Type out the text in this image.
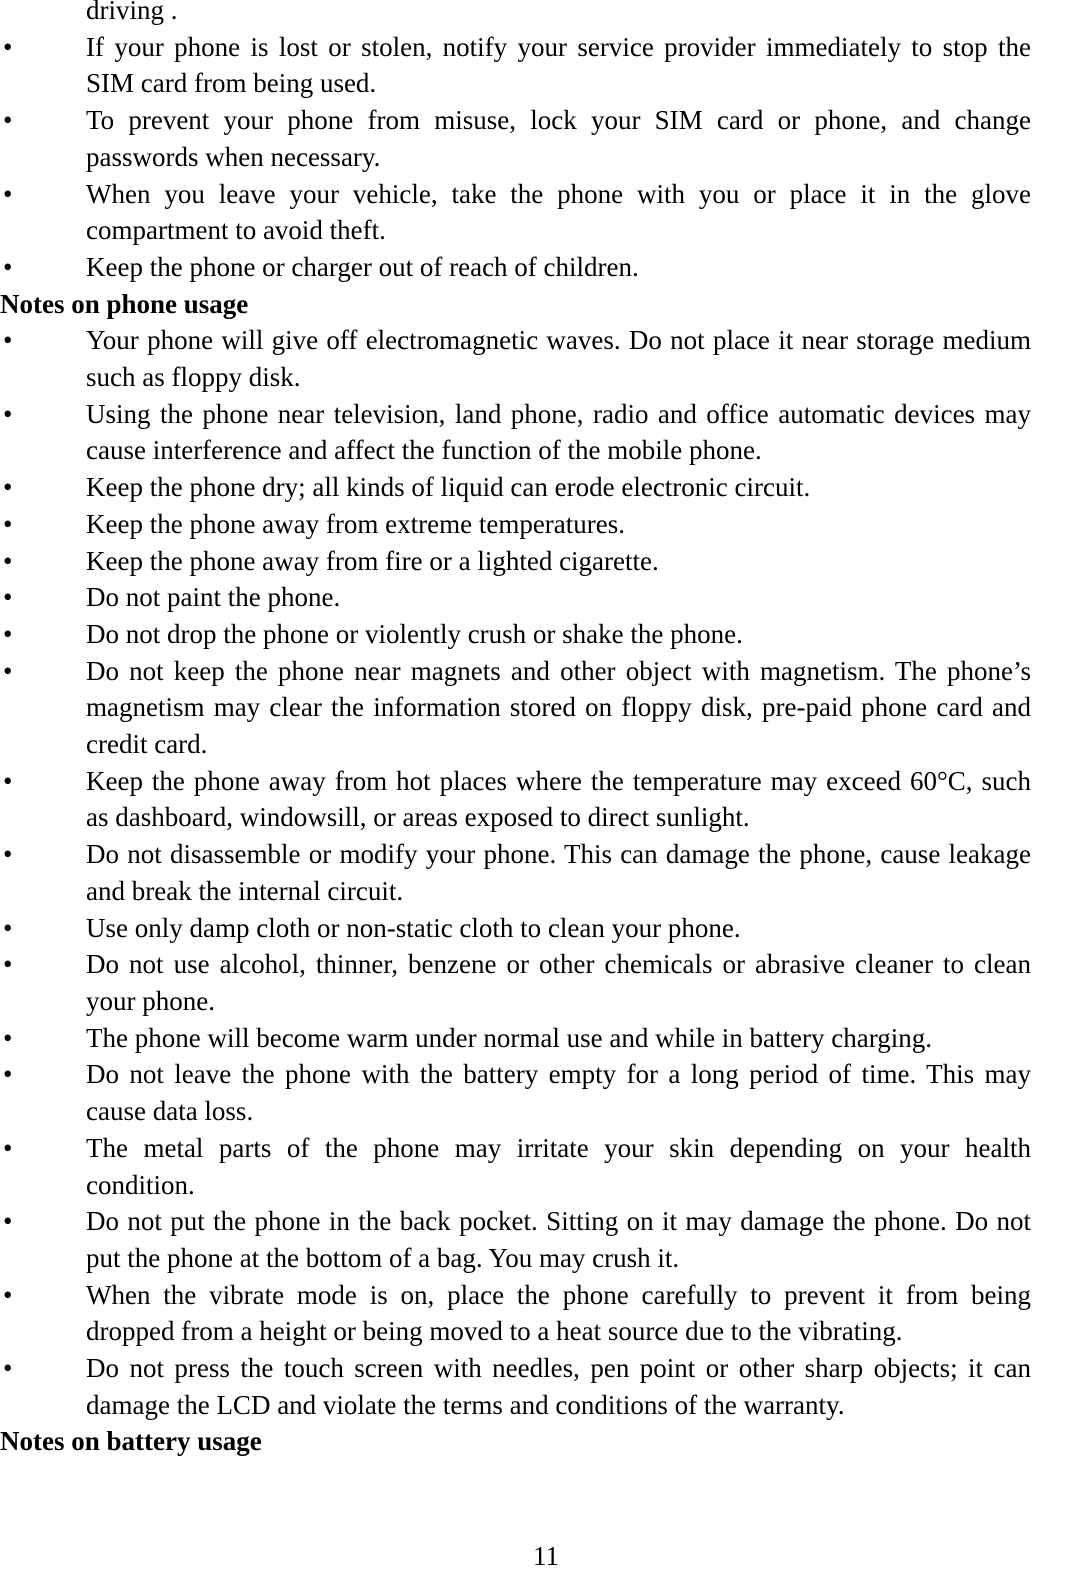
driving .

•	If your phone is lost or stolen, notify your service provider immediately to stop the SIM card from being used.
•	To prevent your phone from misuse, lock your SIM card or phone, and change passwords when necessary.
•	When you leave your vehicle, take the phone with you or place it in the glove compartment to avoid theft.
•	Keep the phone or charger out of reach of children.
Notes on phone usage
•	Your phone will give off electromagnetic waves. Do not place it near storage medium such as floppy disk.
•	Using the phone near television, land phone, radio and office automatic devices may cause interference and affect the function of the mobile phone.
•	Keep the phone dry; all kinds of liquid can erode electronic circuit.
•	Keep the phone away from extreme temperatures.
•	Keep the phone away from fire or a lighted cigarette.
•	Do not paint the phone.
•	Do not drop the phone or violently crush or shake the phone.
•	Do not keep the phone near magnets and other object with magnetism. The phone’s magnetism may clear the information stored on floppy disk, pre-paid phone card and credit card.
•	Keep the phone away from hot places where the temperature may exceed 60°C, such as dashboard, windowsill, or areas exposed to direct sunlight.
•	Do not disassemble or modify your phone. This can damage the phone, cause leakage and break the internal circuit.
•	Use only damp cloth or non-static cloth to clean your phone.
•	Do not use alcohol, thinner, benzene or other chemicals or abrasive cleaner to clean your phone.
•	The phone will become warm under normal use and while in battery charging.
•	Do not leave the phone with the battery empty for a long period of time. This may cause data loss.
•	The metal parts of the phone may irritate your skin depending on your health condition.
•	Do not put the phone in the back pocket. Sitting on it may damage the phone. Do not put the phone at the bottom of a bag. You may crush it.
•	When the vibrate mode is on, place the phone carefully to prevent it from being dropped from a height or being moved to a heat source due to the vibrating.
•	Do not press the touch screen with needles, pen point or other sharp objects; it can damage the LCD and violate the terms and conditions of the warranty.
Notes on battery usage
11
